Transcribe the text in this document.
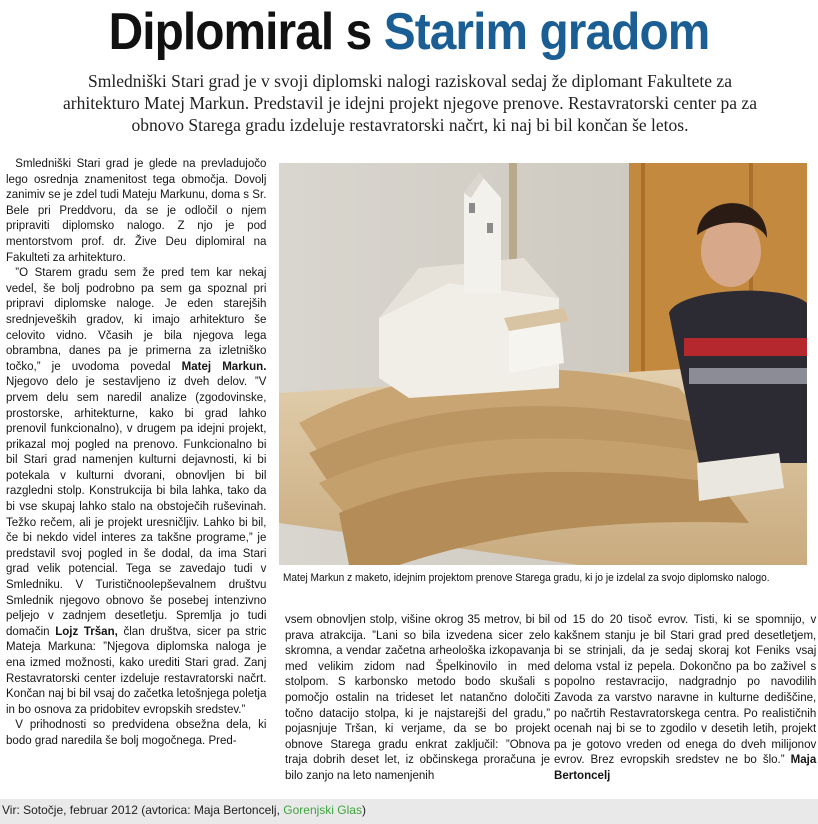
Diplomiral s Starim gradom
Smledniški Stari grad je v svoji diplomski nalogi raziskoval sedaj že diplomant Fakultete za arhitekturo Matej Markun. Predstavil je idejni projekt njegove prenove. Restavratorski center pa za obnovo Starega gradu izdeluje restavratorski načrt, ki naj bi bil končan še letos.

Smledniški Stari grad je glede na prevladujočo lego osrednja znamenitost tega območja. Dovolj zanimiv se je zdel tudi Mateju Markunu, doma s Sr. Bele pri Preddvoru, da se je odločil o njem pripraviti diplomsko nalogo. Z njo je pod mentorstvom prof. dr. Žive Deu diplomiral na Fakulteti za arhitekturo.

”O Starem gradu sem že pred tem kar nekaj vedel, še bolj podrobno pa sem ga spoznal pri pripravi diplomske naloge. Je eden starejših srednjeveških gradov, ki imajo arhitekturo še celovito vidno. Včasih je bila njegova lega obrambna, danes pa je primerna za izletniško točko,” je uvodoma povedal Matej Markun. Njegovo delo je sestavljeno iz dveh delov. ”V prvem delu sem naredil analize (zgodovinske, prostorske, arhitekturne, kako bi grad lahko prenovil funkcionalno), v drugem pa idejni projekt, prikazal moj pogled na prenovo. Funkcionalno bi bil Stari grad namenjen kulturni dejavnosti, ki bi potekala v kulturni dvorani, obnovljen bi bil razgledni stolp. Konstrukcija bi bila lahka, tako da bi vse skupaj lahko stalo na obstoječih ruševinah. Težko rečem, ali je projekt uresničljiv. Lahko bi bil, če bi nekdo videl interes za takšne programe,” je predstavil svoj pogled in še dodal, da ima Stari grad velik potencial. Tega se zavedajo tudi v Smledniku. V Turističnoolepševalnem društvu Smlednik njegovo obnovo še posebej intenzivno peljejo v zadnjem desetletju. Spremlja jo tudi domačin Lojz Tršan, član društva, sicer pa stric Mateja Markuna: ”Njegova diplomska naloga je ena izmed možnosti, kako urediti Stari grad. Zanj Restavratorski center izdeluje restavratorski načrt. Končan naj bi bil vsaj do začetka letošnjega poletja in bo osnova za pridobitev evropskih sredstev.”

V prihodnosti so predvidena obsežna dela, ki bodo grad naredila še bolj mogočnega. Pred-

Matej Markun z maketo, idejnim projektom prenove Starega gradu, ki jo je izdelal za svojo diplomsko nalogo.

vsem obnovljen stolp, višine okrog 35 metrov, bi bil prava atrakcija. ”Lani so bila izvedena sicer zelo skromna, a vendar začetna arheološka izkopavanja med velikim zidom nad Špelkinovilo in med stolpom. S karbonsko metodo bodo skušali s pomočjo ostalin na trideset let natančno določiti točno datacijo stolpa, ki je najstarejši del gradu,” pojasnjuje Tršan, ki verjame, da se bo projekt obnove Starega gradu enkrat zaključil: ”Obnova traja dobrih deset let, iz občinskega proračuna je bilo zanjo na leto namenjenih

od 15 do 20 tisoč evrov. Tisti, ki se spomnijo, v kakšnem stanju je bil Stari grad pred desetletjem, bi se strinjali, da je sedaj skoraj kot Feniks vsaj deloma vstal iz pepela. Dokončno pa bo zaživel s popolno restavracijo, nadgradnjo po navodilih Zavoda za varstvo naravne in kulturne dediščine, po načrtih Restavratorskega centra. Po realističnih ocenah naj bi se to zgodilo v desetih letih, projekt pa je gotovo vreden od enega do dveh milijonov evrov. Brez evropskih sredstev ne bo šlo.” Maja Bertoncelj

Vir: Sotočje, februar 2012 (avtorica: Maja Bertoncelj, Gorenjski Glas)
